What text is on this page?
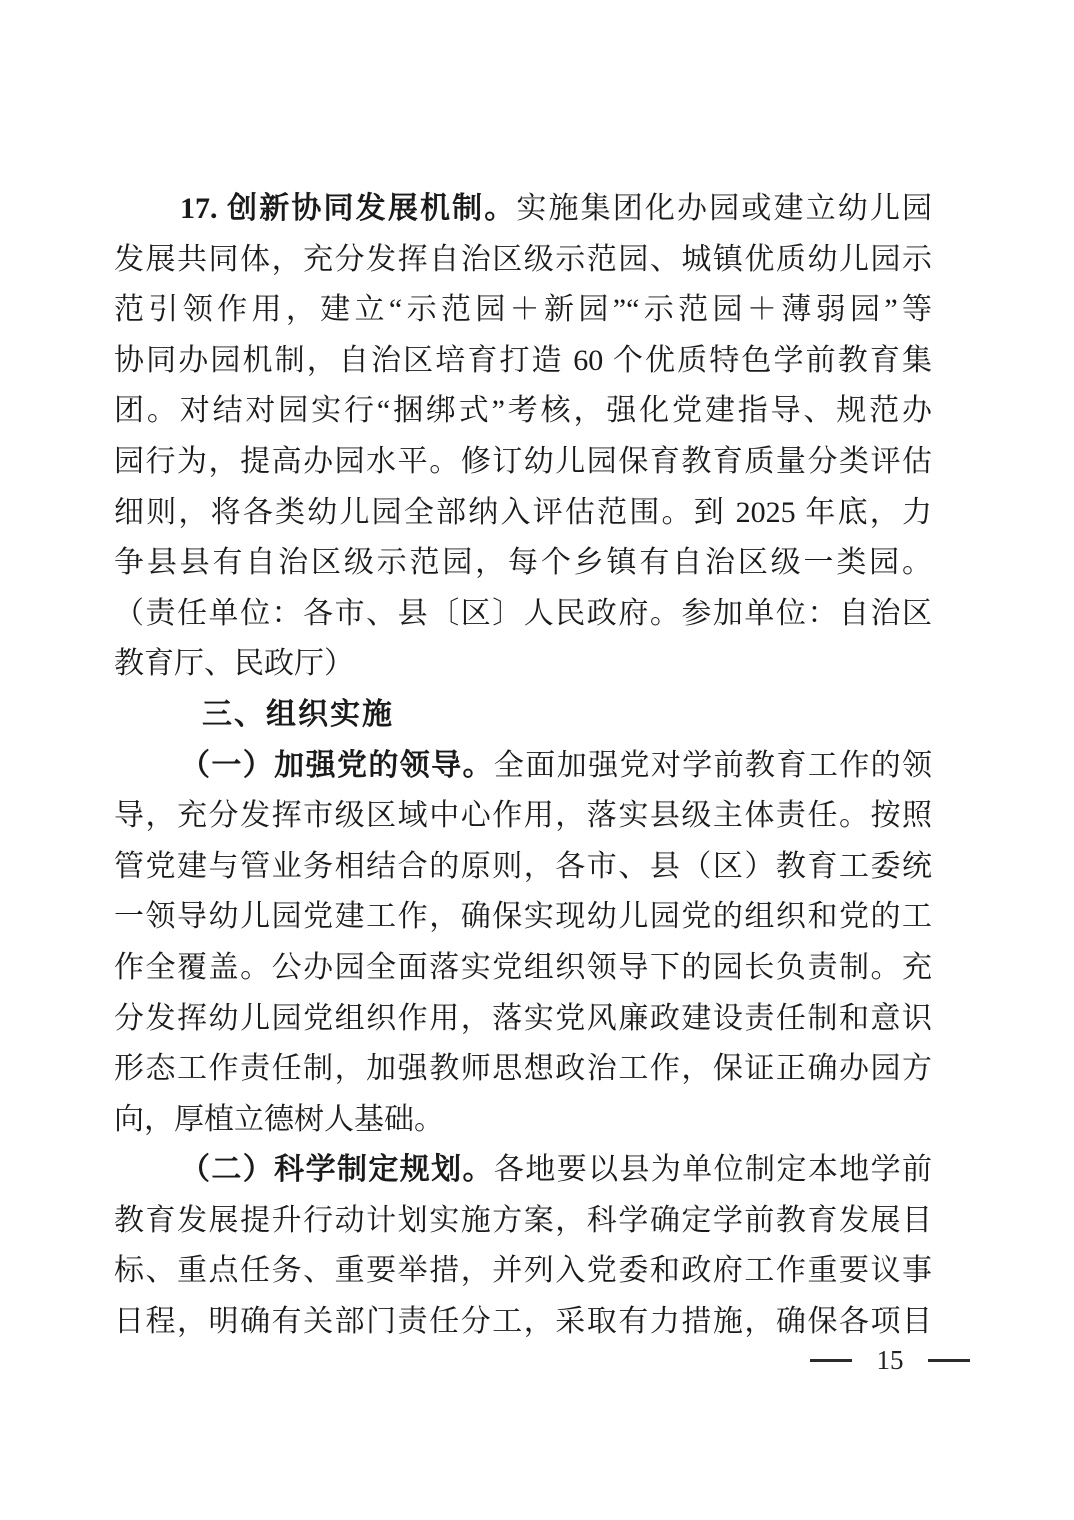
17. 创新协同发展机制。实施集团化办园或建立幼儿园
发展共同体，充分发挥自治区级示范园、城镇优质幼儿园示
范引领作用，建立“示范园＋新园”“示范园＋薄弱园”等
协同办园机制，自治区培育打造 60 个优质特色学前教育集
团。对结对园实行“捆绑式”考核，强化党建指导、规范办
园行为，提高办园水平。修订幼儿园保育教育质量分类评估
细则，将各类幼儿园全部纳入评估范围。到 2025 年底，力
争县县有自治区级示范园，每个乡镇有自治区级一类园。
（责任单位：各市、县〔区〕人民政府。参加单位：自治区
教育厅、民政厅）
三、组织实施
（一）加强党的领导。全面加强党对学前教育工作的领
导，充分发挥市级区域中心作用，落实县级主体责任。按照
管党建与管业务相结合的原则，各市、县（区）教育工委统
一领导幼儿园党建工作，确保实现幼儿园党的组织和党的工
作全覆盖。公办园全面落实党组织领导下的园长负责制。充
分发挥幼儿园党组织作用，落实党风廉政建设责任制和意识
形态工作责任制，加强教师思想政治工作，保证正确办园方
向，厚植立德树人基础。
（二）科学制定规划。各地要以县为单位制定本地学前
教育发展提升行动计划实施方案，科学确定学前教育发展目
标、重点任务、重要举措，并列入党委和政府工作重要议事
日程，明确有关部门责任分工，采取有力措施，确保各项目
15
